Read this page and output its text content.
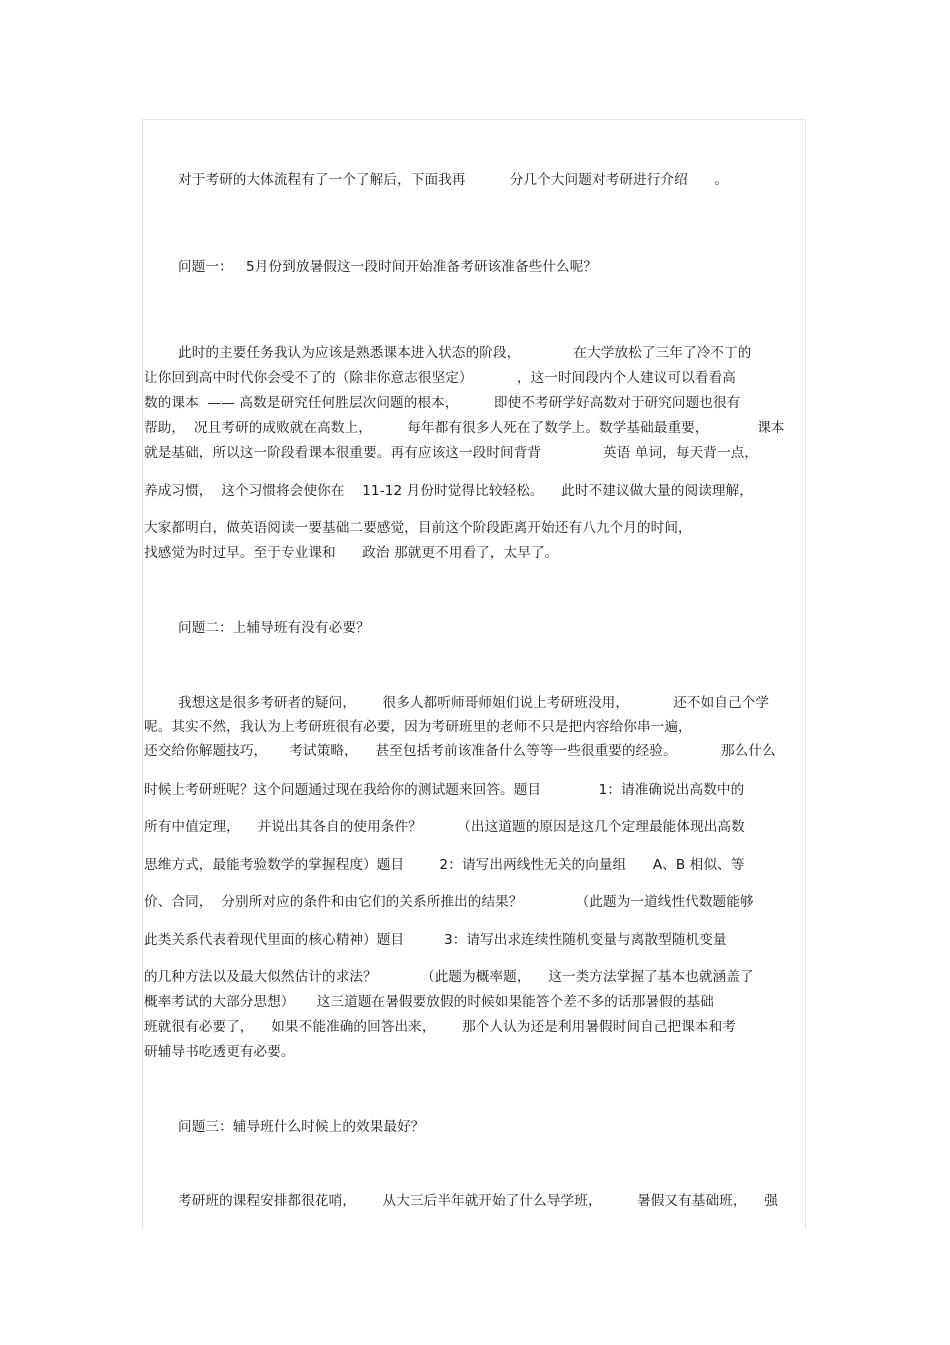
对于考研的大体流程有了一个了解后，下面我再          分几个大问题对考研进行介绍      。
问题一：   5月份到放暑假这一段时间开始准备考研该准备些什么呢？
此时的主要任务我认为应该是熟悉课本进入状态的阶段，            在大学放松了三年了冷不丁的
让你回到高中时代你会受不了的（除非你意志很坚定）          ，这一时间段内个人建议可以看看高
数的课本  —— 高数是研究任何胜层次问题的根本，        即使不考研学好高数对于研究问题也很有
帮助，  况且考研的成败就在高数上，        每年都有很多人死在了数学上。数学基础最重要，           课本
就是基础，所以这一阶段看课本很重要。再有应该这一段时间背背              英语 单词，每天背一点，
养成习惯，  这个习惯将会使你在    11-12 月份时觉得比较轻松。    此时不建议做大量的阅读理解，
大家都明白，做英语阅读一要基础二要感觉，目前这个阶段距离开始还有八九个月的时间，
找感觉为时过早。至于专业课和      政治 那就更不用看了，太早了。
问题二：上辅导班有没有必要？
我想这是很多考研者的疑问，      很多人都听师哥师姐们说上考研班没用，          还不如自己个学
呢。其实不然，我认为上考研班很有必要，因为考研班里的老师不只是把内容给你串一遍，
还交给你解题技巧，     考试策略，    甚至包括考前该准备什么等等一些很重要的经验。          那么什么
时候上考研班呢？这个问题通过现在我给你的测试题来回答。题目             1：请准确说出高数中的
所有中值定理，    并说出其各自的使用条件？        （出这道题的原因是这几个定理最能体现出高数
思维方式，最能考验数学的掌握程度）题目        2：请写出两线性无关的向量组      A、B 相似、等
价、合同，  分别所对应的条件和由它们的关系所推出的结果？            （此题为一道线性代数题能够
此类关系代表着现代里面的核心精神）题目         3：请写出求连续性随机变量与离散型随机变量
的几种方法以及最大似然估计的求法？          （此题为概率题，    这一类方法掌握了基本也就涵盖了
概率考试的大部分思想）     这三道题在暑假要放假的时候如果能答个差不多的话那暑假的基础
班就很有必要了，    如果不能准确的回答出来，      那个人认为还是利用暑假时间自己把课本和考
研辅导书吃透更有必要。
问题三：辅导班什么时候上的效果最好？
考研班的课程安排都很花哨，      从大三后半年就开始了什么导学班，        暑假又有基础班，    强
